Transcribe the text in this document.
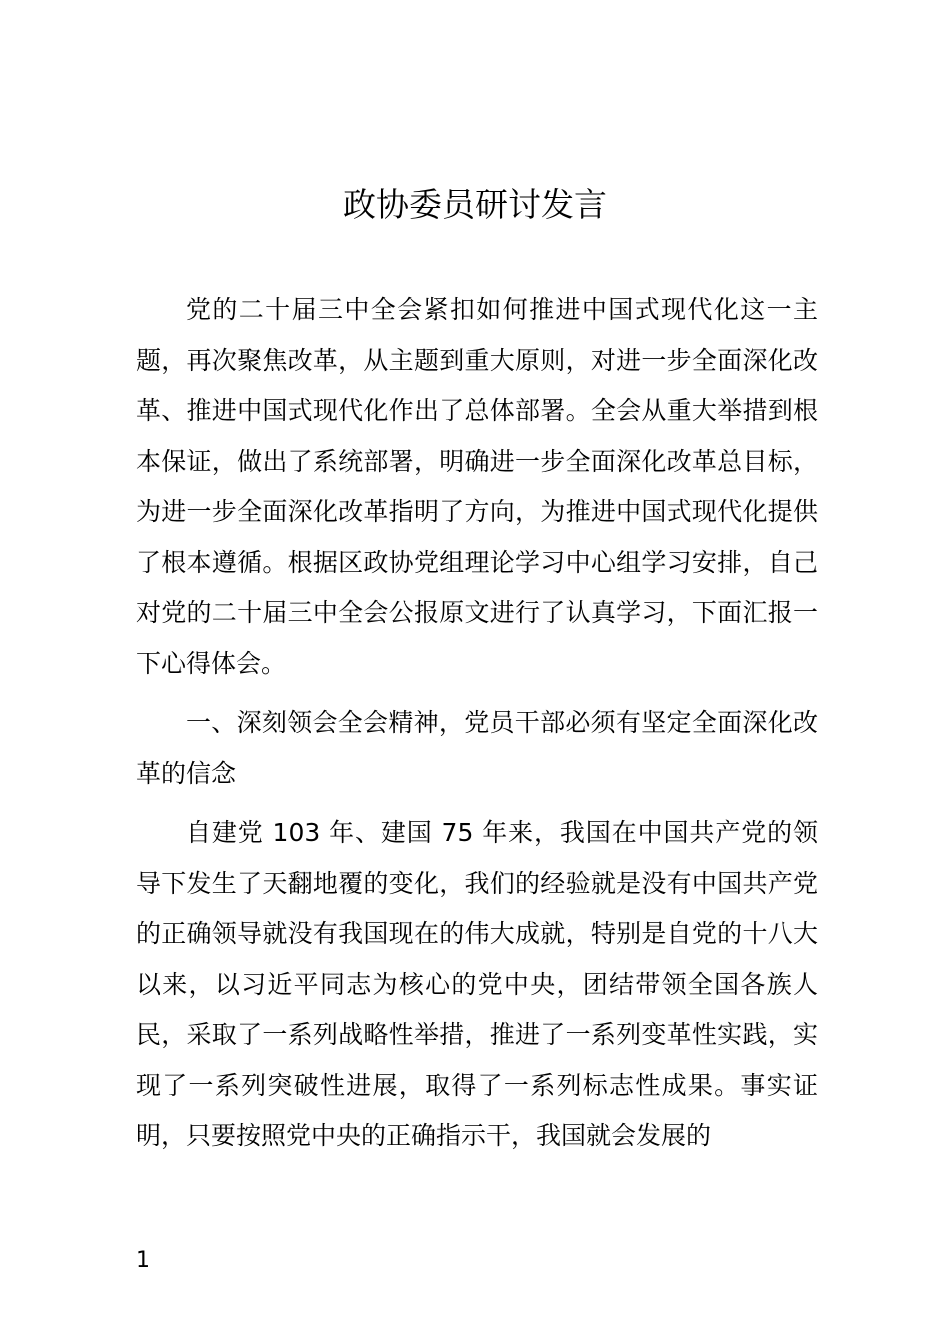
政协委员研讨发言

党的二十届三中全会紧扣如何推进中国式现代化这一主题，再次聚焦改革，从主题到重大原则，对进一步全面深化改革、推进中国式现代化作出了总体部署。全会从重大举措到根本保证，做出了系统部署，明确进一步全面深化改革总目标，为进一步全面深化改革指明了方向，为推进中国式现代化提供了根本遵循。根据区政协党组理论学习中心组学习安排，自己对党的二十届三中全会公报原文进行了认真学习，下面汇报一下心得体会。

一、深刻领会全会精神，党员干部必须有坚定全面深化改革的信念

自建党 103 年、建国 75 年来，我国在中国共产党的领导下发生了天翻地覆的变化，我们的经验就是没有中国共产党的正确领导就没有我国现在的伟大成就，特别是自党的十八大以来，以习近平同志为核心的党中央，团结带领全国各族人民，采取了一系列战略性举措，推进了一系列变革性实践，实现了一系列突破性进展，取得了一系列标志性成果。事实证明，只要按照党中央的正确指示干，我国就会发展的

1
